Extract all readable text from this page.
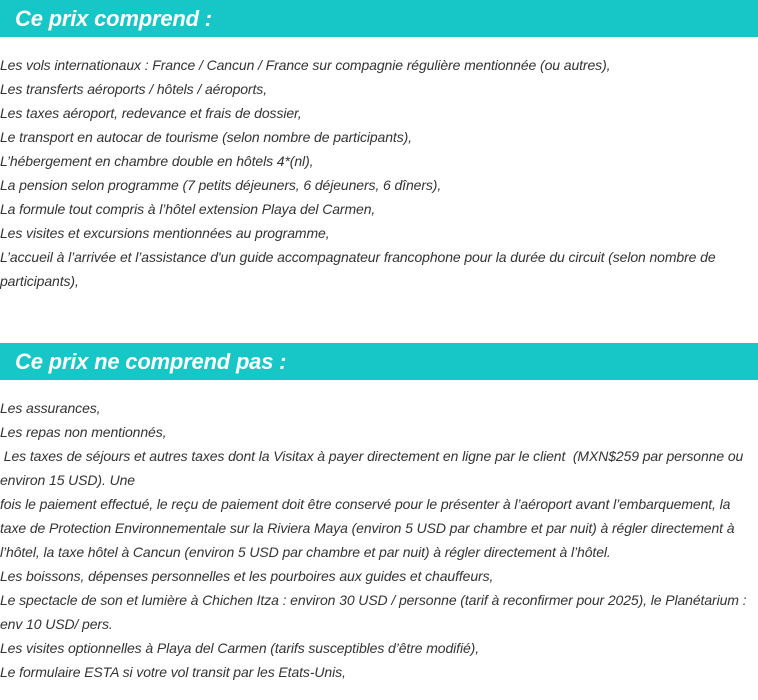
Ce prix comprend :
Les vols internationaux : France / Cancun / France sur compagnie régulière mentionnée (ou autres),
Les transferts aéroports / hôtels / aéroports,
Les taxes aéroport, redevance et frais de dossier,
Le transport en autocar de tourisme (selon nombre de participants),
L’hébergement en chambre double en hôtels 4*(nl),
La pension selon programme (7 petits déjeuners, 6 déjeuners, 6 dîners),
La formule tout compris à l’hôtel extension Playa del Carmen,
Les visites et excursions mentionnées au programme,
L’accueil à l’arrivée et l’assistance d'un guide accompagnateur francophone pour la durée du circuit (selon nombre de participants),
Ce prix ne comprend pas :
Les assurances,
Les repas non mentionnés,
Les taxes de séjours et autres taxes dont la Visitax à payer directement en ligne par le client  (MXN$259 par personne ou environ 15 USD). Une
fois le paiement effectué, le reçu de paiement doit être conservé pour le présenter à l’aéroport avant l’embarquement, la taxe de Protection Environnementale sur la Riviera Maya (environ 5 USD par chambre et par nuit) à régler directement à l’hôtel, la taxe hôtel à Cancun (environ 5 USD par chambre et par nuit) à régler directement à l’hôtel.
Les boissons, dépenses personnelles et les pourboires aux guides et chauffeurs,
Le spectacle de son et lumière à Chichen Itza : environ 30 USD / personne (tarif à reconfirmer pour 2025), le Planétarium : env 10 USD/ pers.
Les visites optionnelles à Playa del Carmen (tarifs susceptibles d’être modifié),
Le formulaire ESTA si votre vol transit par les Etats-Unis,
